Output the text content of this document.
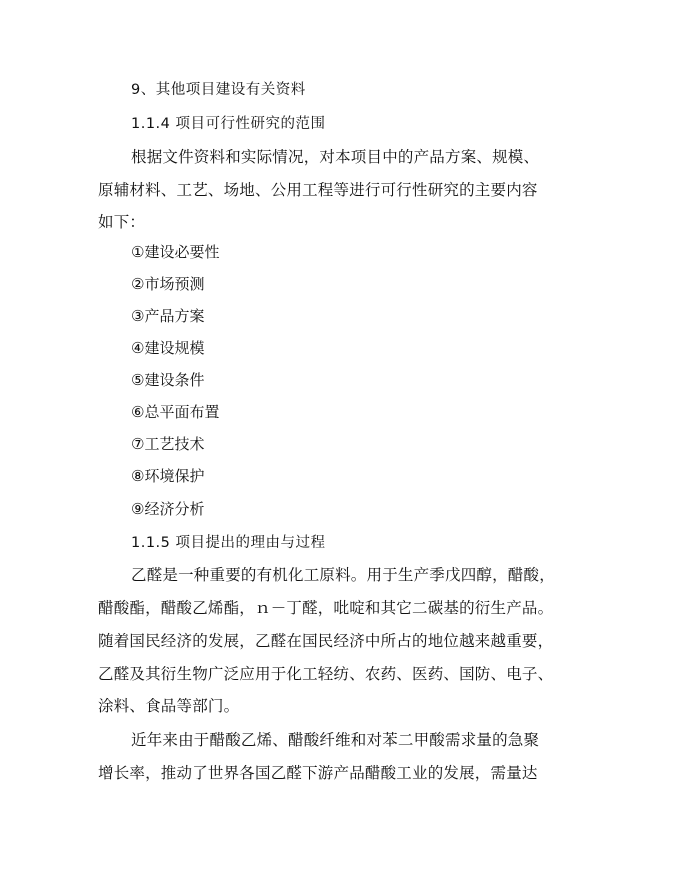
9、其他项目建设有关资料
1.1.4 项目可行性研究的范围
根据文件资料和实际情况，对本项目中的产品方案、规模、
原辅材料、工艺、场地、公用工程等进行可行性研究的主要内容
如下：
①建设必要性
②市场预测
③产品方案
④建设规模
⑤建设条件
⑥总平面布置
⑦工艺技术
⑧环境保护
⑨经济分析
1.1.5 项目提出的理由与过程
乙醛是一种重要的有机化工原料。用于生产季戊四醇，醋酸，
醋酸酯，醋酸乙烯酯，ｎ－丁醛，吡啶和其它二碳基的衍生产品。
随着国民经济的发展，乙醛在国民经济中所占的地位越来越重要，
乙醛及其衍生物广泛应用于化工轻纺、农药、医药、国防、电子、
涂料、食品等部门。
近年来由于醋酸乙烯、醋酸纤维和对苯二甲酸需求量的急聚
增长率，推动了世界各国乙醛下游产品醋酸工业的发展，需量达
